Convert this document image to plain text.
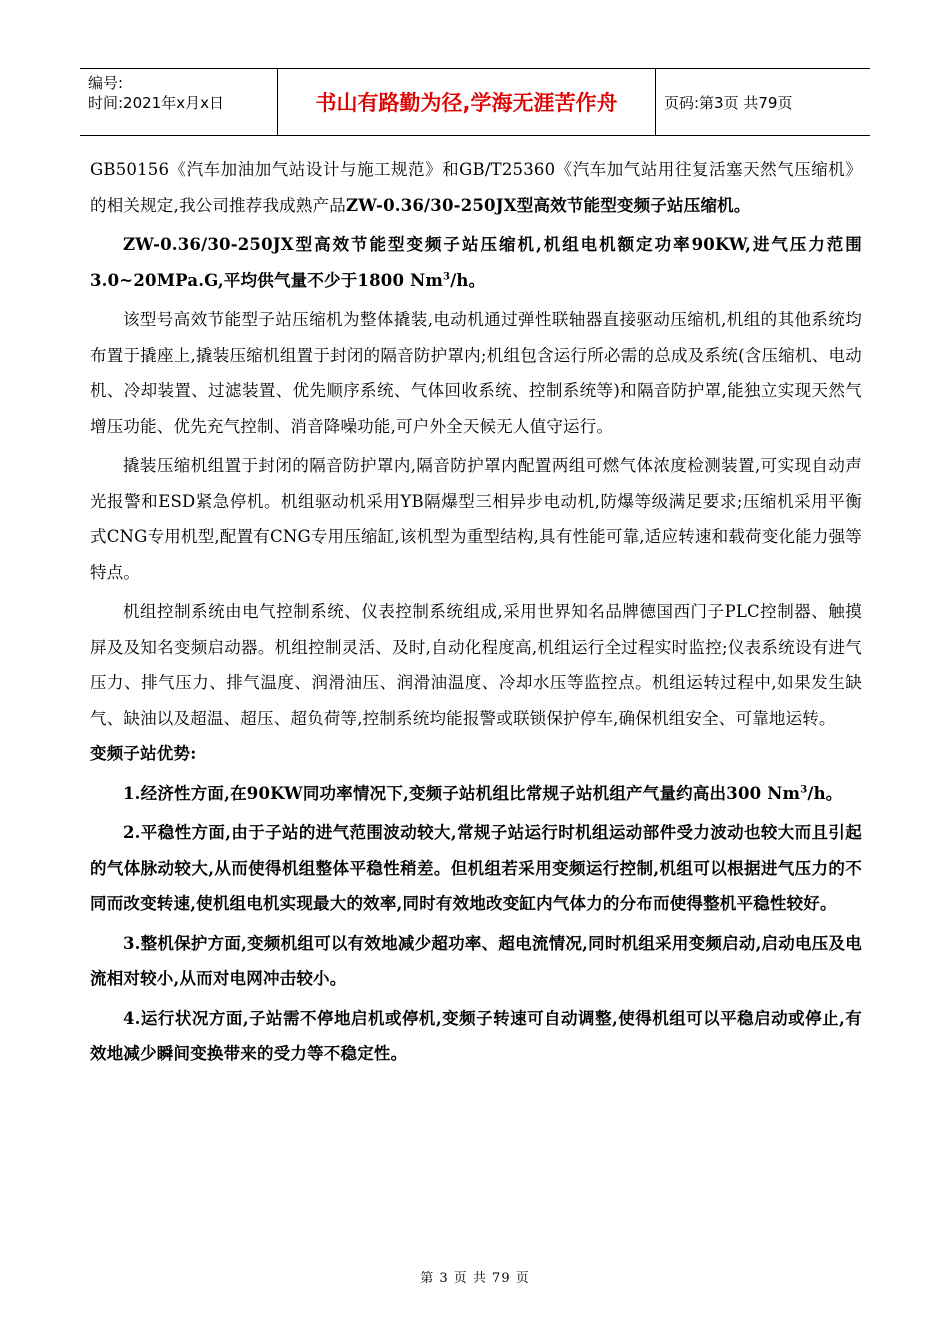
编号:
时间:2021年x月x日	书山有路勤为径,学海无涯苦作舟	页码:第3页 共79页

GB50156《汽车加油加气站设计与施工规范》和GB/T25360《汽车加气站用往复活塞天然气压缩机》的相关规定,我公司推荐我成熟产品ZW-0.36/30-250JX型高效节能型变频子站压缩机。

ZW-0.36/30-250JX型高效节能型变频子站压缩机,机组电机额定功率90KW,进气压力范围3.0~20MPa.G,平均供气量不少于1800 Nm$^3$/h。

该型号高效节能型子站压缩机为整体撬装,电动机通过弹性联轴器直接驱动压缩机,机组的其他系统均布置于撬座上,撬装压缩机组置于封闭的隔音防护罩内;机组包含运行所必需的总成及系统(含压缩机、电动机、冷却装置、过滤装置、优先顺序系统、气体回收系统、控制系统等)和隔音防护罩,能独立实现天然气增压功能、优先充气控制、消音降噪功能,可户外全天候无人值守运行。

撬装压缩机组置于封闭的隔音防护罩内,隔音防护罩内配置两组可燃气体浓度检测装置,可实现自动声光报警和ESD紧急停机。机组驱动机采用YB隔爆型三相异步电动机,防爆等级满足要求;压缩机采用平衡式CNG专用机型,配置有CNG专用压缩缸,该机型为重型结构,具有性能可靠,适应转速和载荷变化能力强等特点。

机组控制系统由电气控制系统、仪表控制系统组成,采用世界知名品牌德国西门子PLC控制器、触摸屏及及知名变频启动器。机组控制灵活、及时,自动化程度高,机组运行全过程实时监控;仪表系统设有进气压力、排气压力、排气温度、润滑油压、润滑油温度、冷却水压等监控点。机组运转过程中,如果发生缺气、缺油以及超温、超压、超负荷等,控制系统均能报警或联锁保护停车,确保机组安全、可靠地运转。

变频子站优势:

1.经济性方面,在90KW同功率情况下,变频子站机组比常规子站机组产气量约高出300 Nm$^3$/h。

2.平稳性方面,由于子站的进气范围波动较大,常规子站运行时机组运动部件受力波动也较大而且引起的气体脉动较大,从而使得机组整体平稳性稍差。但机组若采用变频运行控制,机组可以根据进气压力的不同而改变转速,使机组电机实现最大的效率,同时有效地改变缸内气体力的分布而使得整机平稳性较好。

3.整机保护方面,变频机组可以有效地减少超功率、超电流情况,同时机组采用变频启动,启动电压及电流相对较小,从而对电网冲击较小。

4.运行状况方面,子站需不停地启机或停机,变频子转速可自动调整,使得机组可以平稳启动或停止,有效地减少瞬间变换带来的受力等不稳定性。

第 3 页 共 79 页
